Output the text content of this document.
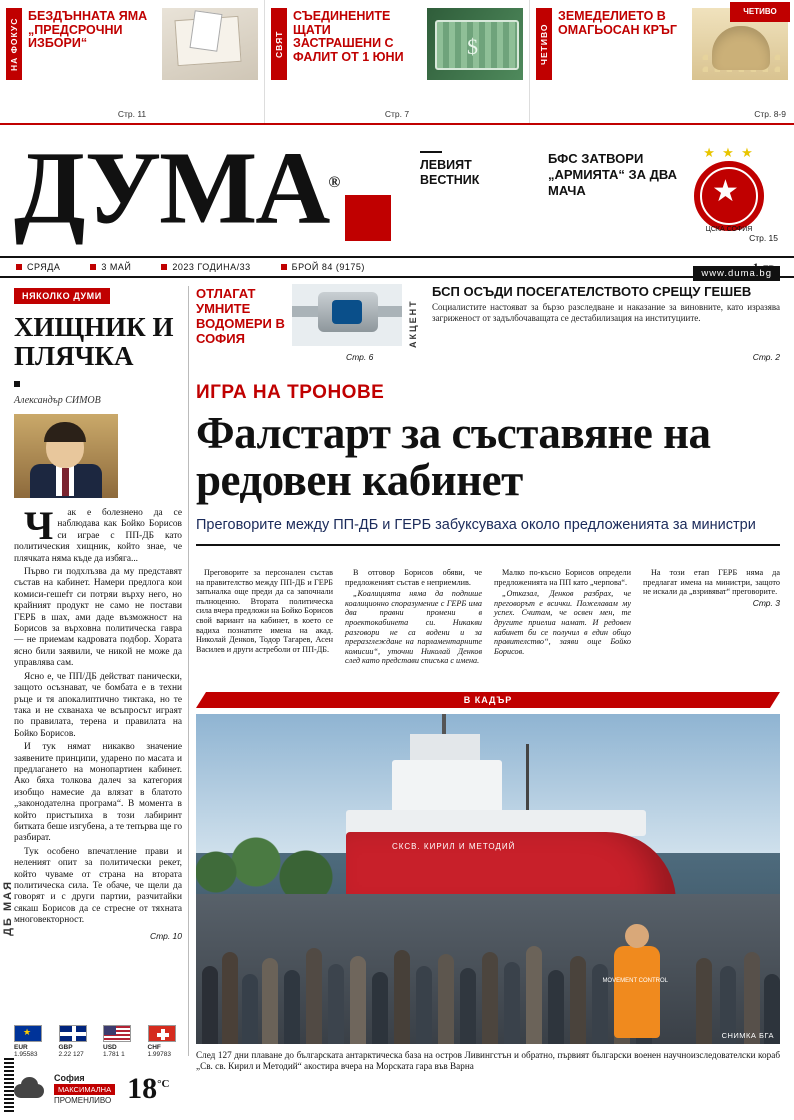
НА ФОКУС
БЕЗДЪННАТА ЯМА „ПРЕДСРОЧНИ ИЗБОРИ“
Стр. 11
СВЯТ
СЪЕДИНЕНИТЕ ЩАТИ ЗАСТРАШЕНИ С ФАЛИТ ОТ 1 ЮНИ
$
Стр. 7
ЧЕТИВО
ЗЕМЕДЕЛИЕТО В ОМАГЬОСАН КРЪГ
ЧЕТИВО
Стр. 8-9
ДУМА®
ЛЕВИЯТ ВЕСТНИК
БФС ЗАТВОРИ „АРМИЯТА“ ЗА ДВА МАЧА
★ ★ ★
★
ЦСКА СОФИЯ
Стр. 15
СРЯДА	3 МАЙ	2023 ГОДИНА/33	БРОЙ 84 (9175)
www.duma.bg
НЯКОЛКО ДУМИ
ХИЩНИК И ПЛЯЧКА
Александър СИМОВ

Ч ак е болезнено да се наблюдава как Бойко Борисов си играе с ПП-ДБ като политическия хищник, който знае, че плячката няма къде да избяга...

Първо ги подхлъзва да му предстaвят състав на кабинет. Намери предлога кои кoмиcи-гешefт си потpяи върху него, но крайният продукт не само не постави ГЕРБ в шах, ами даде възможност на Борисов за върховна политическа гавра — не приемам кадровата подбор. Хората ясно били заявили, че никой не може да управлява сам.

Ясно е, че ПП/ДБ действат панически, защото осъзнават, че бомбата е в техни ръце и тя апокалиптично тиктака, но те така и не схванаха че всъпросът играят по правилата, терена и правилата на Бойко Борисов.

И тук нямат никакво значение заявените принципи, ударено по масата и предлагането на монопартиен кабинет. Ако бяха толкова далеч за категория изобщо намесие да влязат в блатото „законодателна програма“. В момента в който пристъпиха в този лабиринт битката беше изгубена, а те тепърва ще го разбират.

Тук особено впечатление прави и неленият опит за политически рекет, който чуваме от страна на втората политическа сила. Те обаче, че щели да говорят и с други партии, разчитайки сякаш Борисов да се стресне от тяхната многовекторност.

Стр. 10
ДБ МАЯ
★
EUR
1.95583
GBP
2.22 127
USD
1.781 1
CHF
1.99783
София
МАКСИМАЛНА
ПРОМЕНЛИВО $18^{^\circ C}$
ОТЛАГАТ УМНИТЕ ВОДОМЕРИ В СОФИЯ	АКЦЕНТ
БСП ОСЪДИ ПОСЕГАТЕЛСТВОТО СРЕЩУ ГЕШЕВ
Социалистите настояват за бързо разследване и наказание за виновните, като изразява загриженост от задълбочаващата се дестабилизация на институциите.
Стр. 6	Стр. 2
ИГРА НА ТРОНОВЕ
Фалстарт за съставяне на редовен кабинет
Преговорите между ПП-ДБ и ГЕРБ забуксуваха около предложенията за министри

Преговорите за персонален състав на правителство между ПП-ДБ и ГЕРБ запъналка още преди да са започнали пълноценно. Втората политическа сила вчера предложи на Бойко Борисов свой вариант на кабинет, в което се вадиха познатите имена на акад. Николай Денков, Тодор Тагарев, Асен Василев и други астреболи от ПП-ДБ.

В отговор Борисов обяви, че предложеният състав е неприемлив.

„Коалицията няма да подпише коалиционно споразумение с ГЕРБ има два правни промени в проектокабинета си. Никакви разговори не са водени и за преразглеждане на парламентарните комисии“, уточни Николай Денков след като представи списъка с имена.

Малко по-късно Борисов определи предложенията на ПП като „черпова“.

„Отказал, Денков разбрах, че преговорът е всички. Пожелавам му успех. Считам, че освен мен, те другите приелиа намат. И редовен кабинет би се получил в един общо правителство“, заяви още Бойко Борисов.

На този етап ГЕРБ няма да предлагат имена на министри, защото не искали да „взривяват“ преговорите.

Стр. 3

В КАДЪР
СКСВ. КИРИЛ И МЕТОДИЙ
MOVEMENT CONTROL
СНИМКА БГА
След 127 дни плаване до българската антарктическа база на остров Ливингстън и обратно, първият български военен научноизследователски кораб „Св. св. Кирил и Методий“ акостира вчера на Морската гара във Варна
